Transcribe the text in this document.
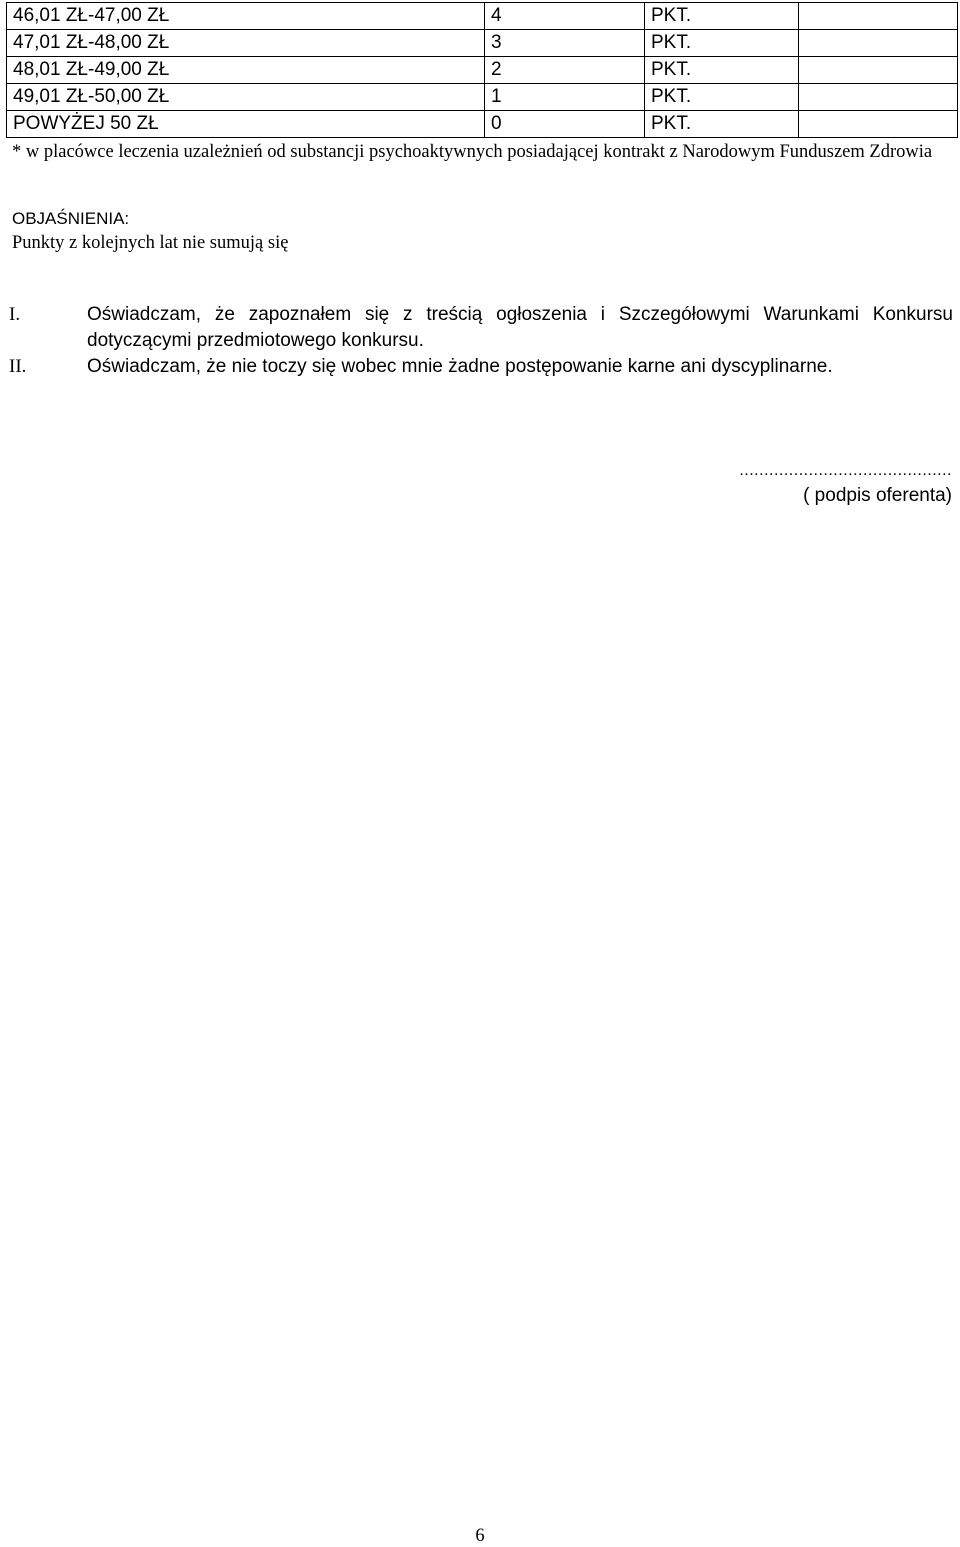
46,01 ZŁ-47,00 ZŁ	4	PKT.	
47,01 ZŁ-48,00 ZŁ	3	PKT.	
48,01 ZŁ-49,00 ZŁ	2	PKT.	
49,01 ZŁ-50,00 ZŁ	1	PKT.	
POWYŻEJ 50 ZŁ	0	PKT.	
* w placówce leczenia uzależnień od substancji psychoaktywnych posiadającej kontrakt z Narodowym Funduszem Zdrowia
OBJAŚNIENIA:
Punkty z kolejnych lat nie sumują się
I.	Oświadczam, że zapoznałem się z treścią ogłoszenia i Szczegółowymi Warunkami Konkursu dotyczącymi przedmiotowego konkursu.
II.	Oświadczam, że nie toczy się wobec mnie żadne postępowanie karne ani dyscyplinarne.
...........................................
( podpis oferenta)
6
